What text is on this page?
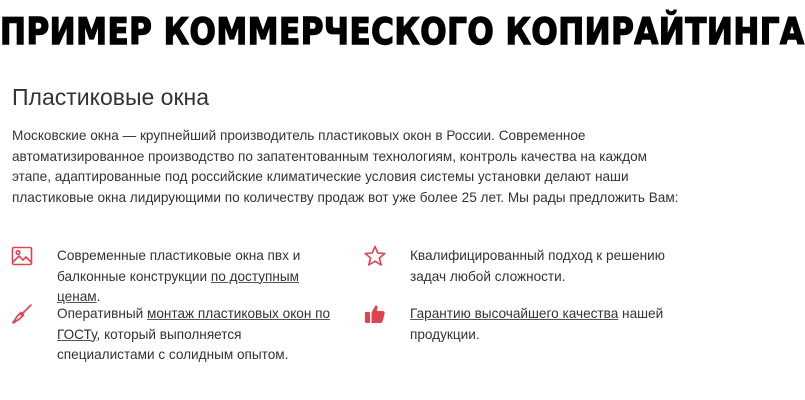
ПРИМЕР КОММЕРЧЕСКОГО КОПИРАЙТИНГА
Пластиковые окна

Московские окна — крупнейший производитель пластиковых окон в России. Современное автоматизированное производство по запатентованным технологиям, контроль качества на каждом этапе, адаптированные под российские климатические условия системы установки делают наши пластиковые окна лидирующими по количеству продаж вот уже более 25 лет. Мы рады предложить Вам:

Современные пластиковые окна пвх и балконные конструкции по доступным ценам.
Квалифицированный подход к решению задач любой сложности.
Оперативный монтаж пластиковых окон по ГОСТу, который выполняется специалистами с солидным опытом.
Гарантию высочайшего качества нашей продукции.
